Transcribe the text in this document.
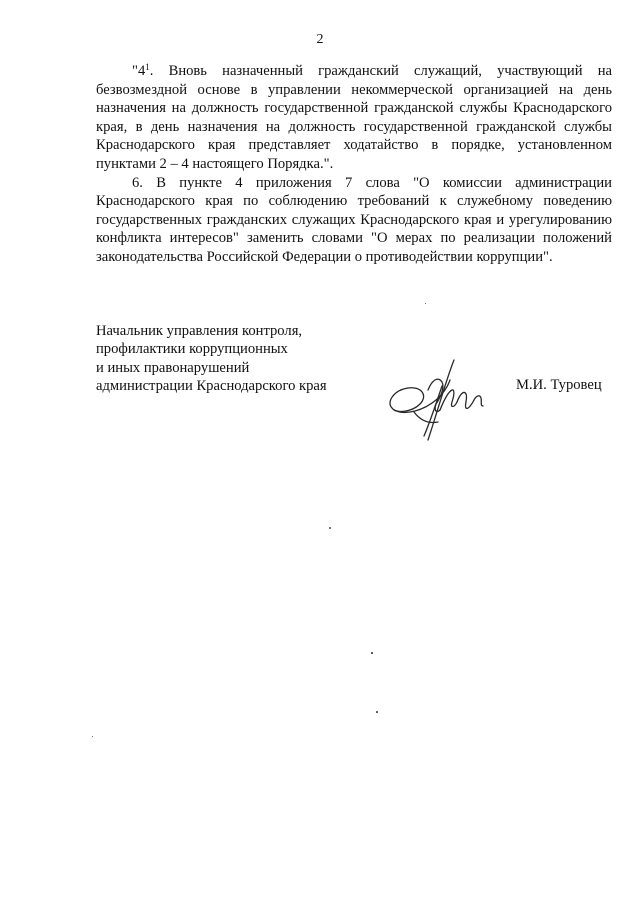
2

"$4^1$. Вновь назначенный гражданский служащий, участвующий на безвозмездной основе в управлении некоммерческой организацией на день назначения на должность государственной гражданской службы Краснодарского края, в день назначения на должность государственной гражданской службы Краснодарского края представляет ходатайство в порядке, установленном пунктами 2 – 4 настоящего Порядка.".

6. В пункте 4 приложения 7 слова "О комиссии администрации Краснодарского края по соблюдению требований к служебному поведению государственных гражданских служащих Краснодарского края и урегулированию конфликта интересов" заменить словами "О мерах по реализации положений законодательства Российской Федерации о противодействии коррупции".

Начальник управления контроля,
профилактики коррупционных
и иных правонарушений
администрации Краснодарского края	М.И. Туровец
